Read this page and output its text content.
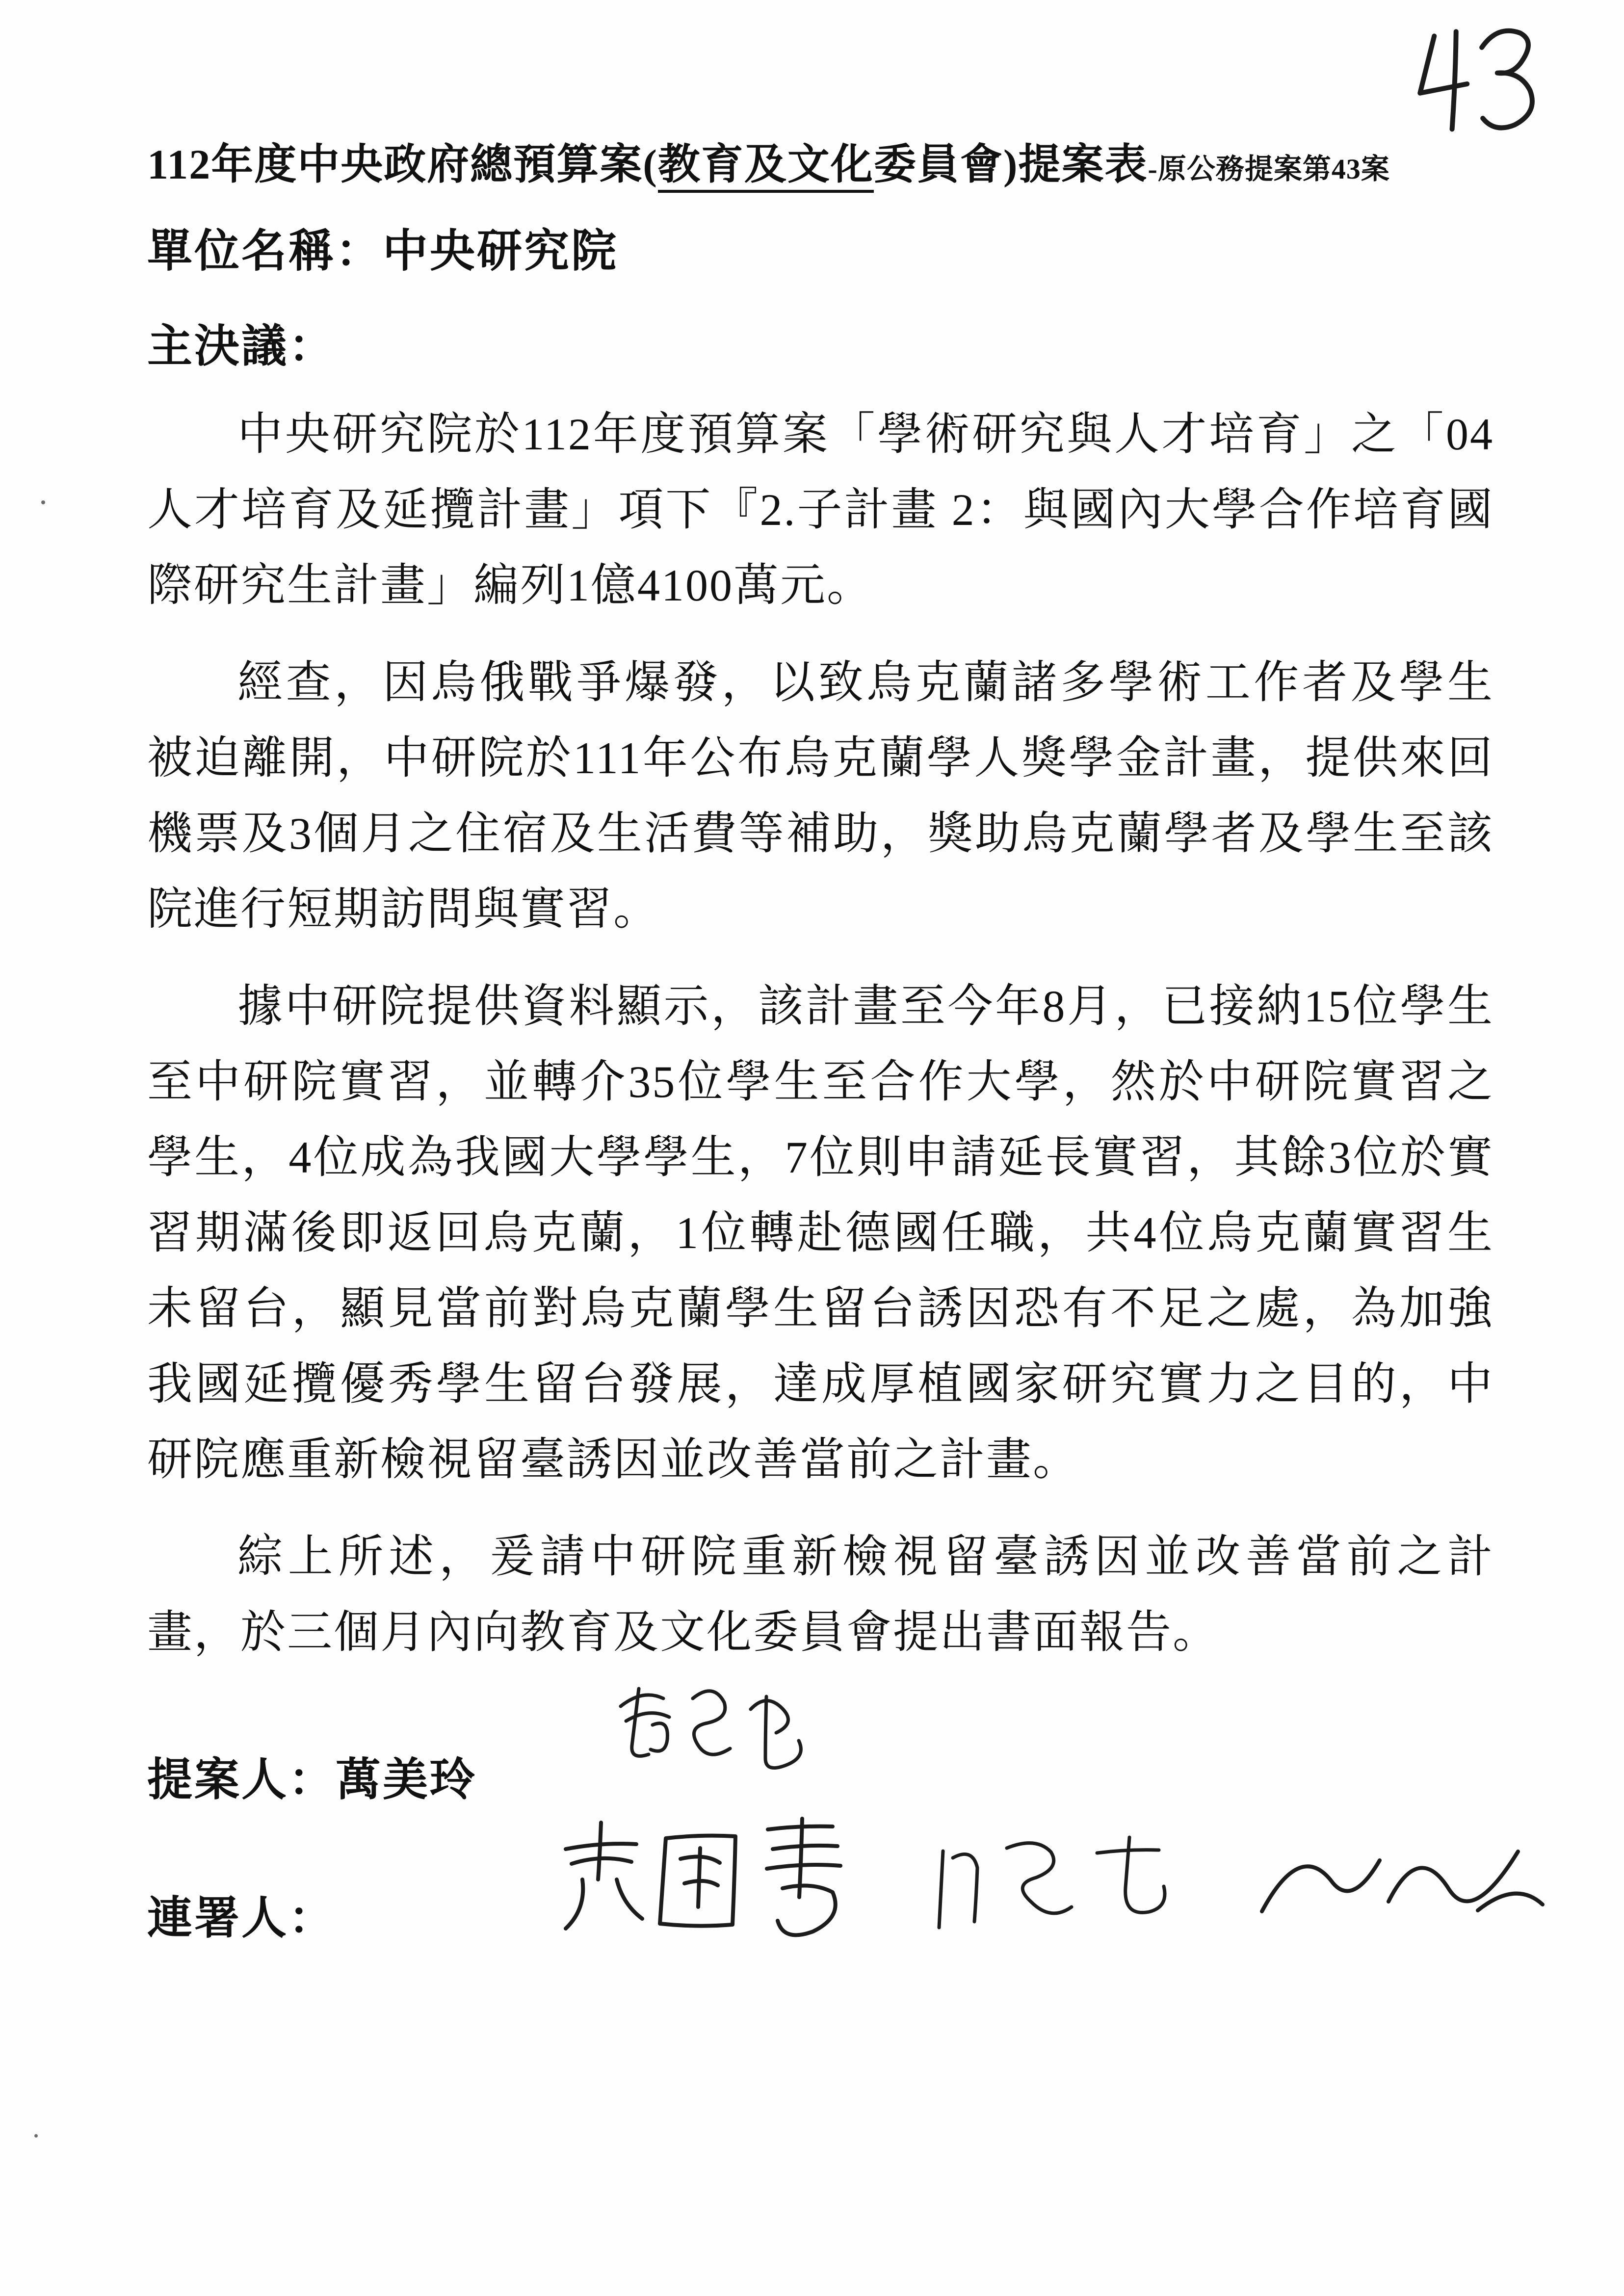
112年度中央政府總預算案(教育及文化委員會)提案表-原公務提案第43案
單位名稱：中央研究院
主決議：

中央研究院於112年度預算案「學術研究與人才培育」之「04人才培育及延攬計畫」項下『2.子計畫 2：與國內大學合作培育國際研究生計畫」編列1億4100萬元。

經查，因烏俄戰爭爆發，以致烏克蘭諸多學術工作者及學生被迫離開，中研院於111年公布烏克蘭學人獎學金計畫，提供來回機票及3個月之住宿及生活費等補助，獎助烏克蘭學者及學生至該院進行短期訪問與實習。

據中研院提供資料顯示，該計畫至今年8月，已接納15位學生至中研院實習，並轉介35位學生至合作大學，然於中研院實習之學生，4位成為我國大學學生，7位則申請延長實習，其餘3位於實習期滿後即返回烏克蘭，1位轉赴德國任職，共4位烏克蘭實習生未留台，顯見當前對烏克蘭學生留台誘因恐有不足之處，為加強我國延攬優秀學生留台發展，達成厚植國家研究實力之目的，中研院應重新檢視留臺誘因並改善當前之計畫。

綜上所述，爰請中研院重新檢視留臺誘因並改善當前之計畫，於三個月內向教育及文化委員會提出書面報告。

提案人：萬美玲
連署人：
